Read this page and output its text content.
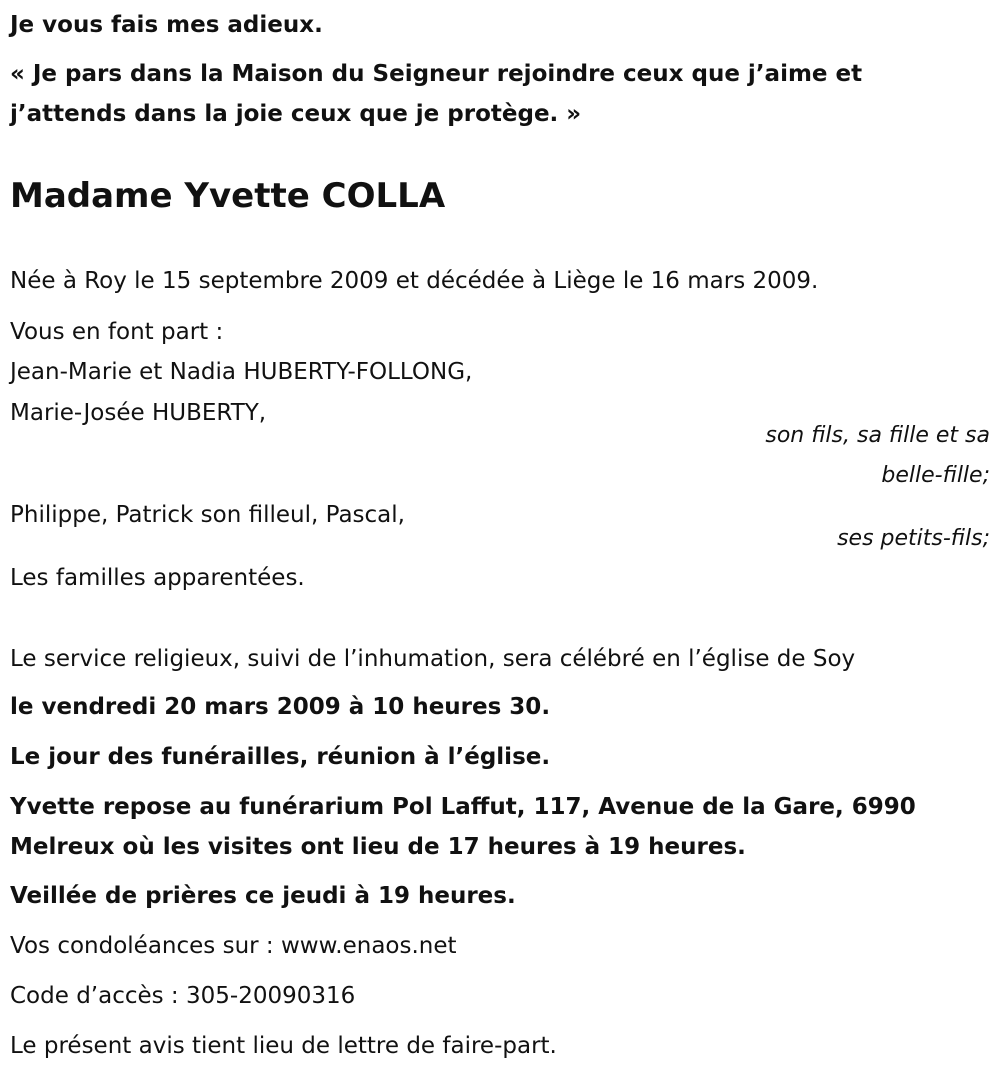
Je vous fais mes adieux.
« Je pars dans la Maison du Seigneur rejoindre ceux que j’aime et
j’attends dans la joie ceux que je protège. »
Madame Yvette COLLA
Née à Roy le 15 septembre 2009 et décédée à Liège le 16 mars 2009.
Vous en font part :
Jean-Marie et Nadia HUBERTY-FOLLONG,
Marie-Josée HUBERTY,
son fils, sa fille et sa
belle-fille;
Philippe, Patrick son filleul, Pascal,
ses petits-fils;
Les familles apparentées.
Le service religieux, suivi de l’inhumation, sera célébré en l’église de Soy
le vendredi 20 mars 2009 à 10 heures 30.
Le jour des funérailles, réunion à l’église.
Yvette repose au funérarium Pol Laffut, 117, Avenue de la Gare, 6990
Melreux où les visites ont lieu de 17 heures à 19 heures.
Veillée de prières ce jeudi à 19 heures.
Vos condoléances sur : www.enaos.net
Code d’accès : 305-20090316
Le présent avis tient lieu de lettre de faire-part.
